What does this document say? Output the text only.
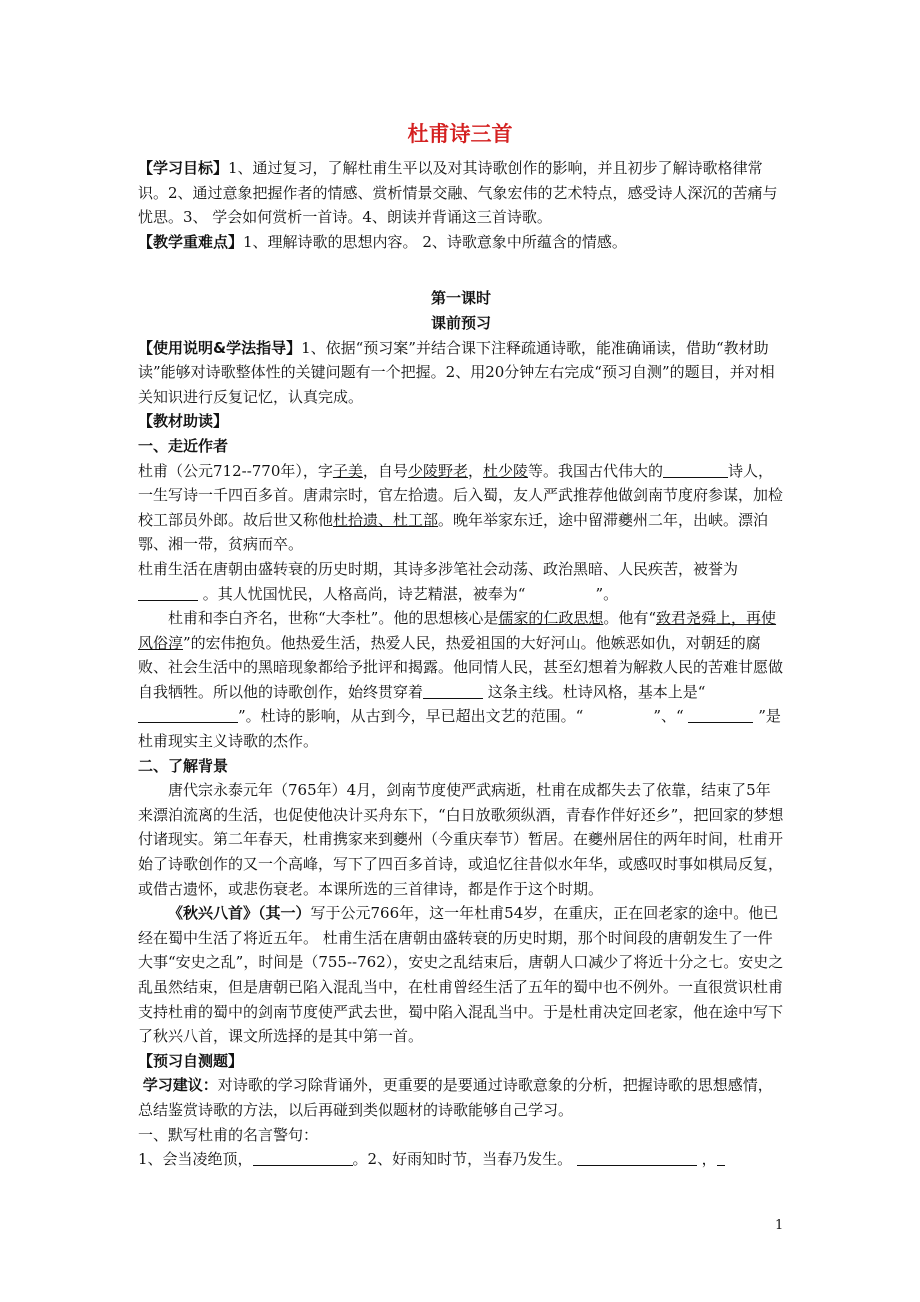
杜甫诗三首

【学习目标】1、通过复习，了解杜甫生平以及对其诗歌创作的影响，并且初步了解诗歌格律常识。2、通过意象把握作者的情感、赏析情景交融、气象宏伟的艺术特点，感受诗人深沉的苦痛与忧思。3、 学会如何赏析一首诗。4、朗读并背诵这三首诗歌。

【教学重难点】1、理解诗歌的思想内容。 2、诗歌意象中所蕴含的情感。

第一课时

课前预习

【使用说明&学法指导】1、依据“预习案”并结合课下注释疏通诗歌，能准确诵读，借助“教材助读”能够对诗歌整体性的关键问题有一个把握。2、用20分钟左右完成“预习自测”的题目，并对相关知识进行反复记忆，认真完成。

【教材助读】

一、走近作者

杜甫（公元712--770年），字子美，自号少陵野老，杜少陵等。我国古代伟大的	诗人，一生写诗一千四百多首。唐肃宗时，官左拾遗。后入蜀，友人严武推荐他做剑南节度府参谋，加检校工部员外郎。故后世又称他杜拾遗、杜工部。晚年举家东迁，途中留滞夔州二年，出峡。漂泊鄂、湘一带，贫病而卒。

杜甫生活在唐朝由盛转衰的历史时期，其诗多涉笔社会动荡、政治黑暗、人民疾苦，被誉为  。其人忧国忧民，人格高尚，诗艺精湛，被奉为“	”。

杜甫和李白齐名，世称“大李杜”。他的思想核心是儒家的仁政思想。他有“致君尧舜上，再使风俗淳”的宏伟抱负。他热爱生活，热爱人民，热爱祖国的大好河山。他嫉恶如仇，对朝廷的腐败、社会生活中的黑暗现象都给予批评和揭露。他同情人民，甚至幻想着为解救人民的苦难甘愿做自我牺牲。所以他的诗歌创作，始终贯穿着	这条主线。杜诗风格，基本上是“”。杜诗的影响，从古到今，早已超出文艺的范围。“	”、“	”是杜甫现实主义诗歌的杰作。

二、了解背景

唐代宗永泰元年（765年）4月，剑南节度使严武病逝，杜甫在成都失去了依靠，结束了5年来漂泊流离的生活，也促使他决计买舟东下，“白日放歌须纵酒，青春作伴好还乡”，把回家的梦想付诸现实。第二年春天，杜甫携家来到夔州（今重庆奉节）暂居。在夔州居住的两年时间，杜甫开始了诗歌创作的又一个高峰，写下了四百多首诗，或追忆往昔似水年华，或感叹时事如棋局反复，或借古遗怀，或悲伤衰老。本课所选的三首律诗，都是作于这个时期。

《秋兴八首》（其一）写于公元766年，这一年杜甫54岁，在重庆，正在回老家的途中。他已经在蜀中生活了将近五年。 杜甫生活在唐朝由盛转衰的历史时期，那个时间段的唐朝发生了一件大事“安史之乱”，时间是（755--762），安史之乱结束后，唐朝人口减少了将近十分之七。安史之乱虽然结束，但是唐朝已陷入混乱当中，在杜甫曾经生活了五年的蜀中也不例外。一直很赏识杜甫支持杜甫的蜀中的剑南节度使严武去世，蜀中陷入混乱当中。于是杜甫决定回老家，他在途中写下了秋兴八首，课文所选择的是其中第一首。

【预习自测题】

学习建议：对诗歌的学习除背诵外，更重要的是要通过诗歌意象的分析，把握诗歌的思想感情，总结鉴赏诗歌的方法，以后再碰到类似题材的诗歌能够自己学习。

一、默写杜甫的名言警句：

1、会当凌绝顶，	。2、好雨知时节，当春乃发生。	，

1
